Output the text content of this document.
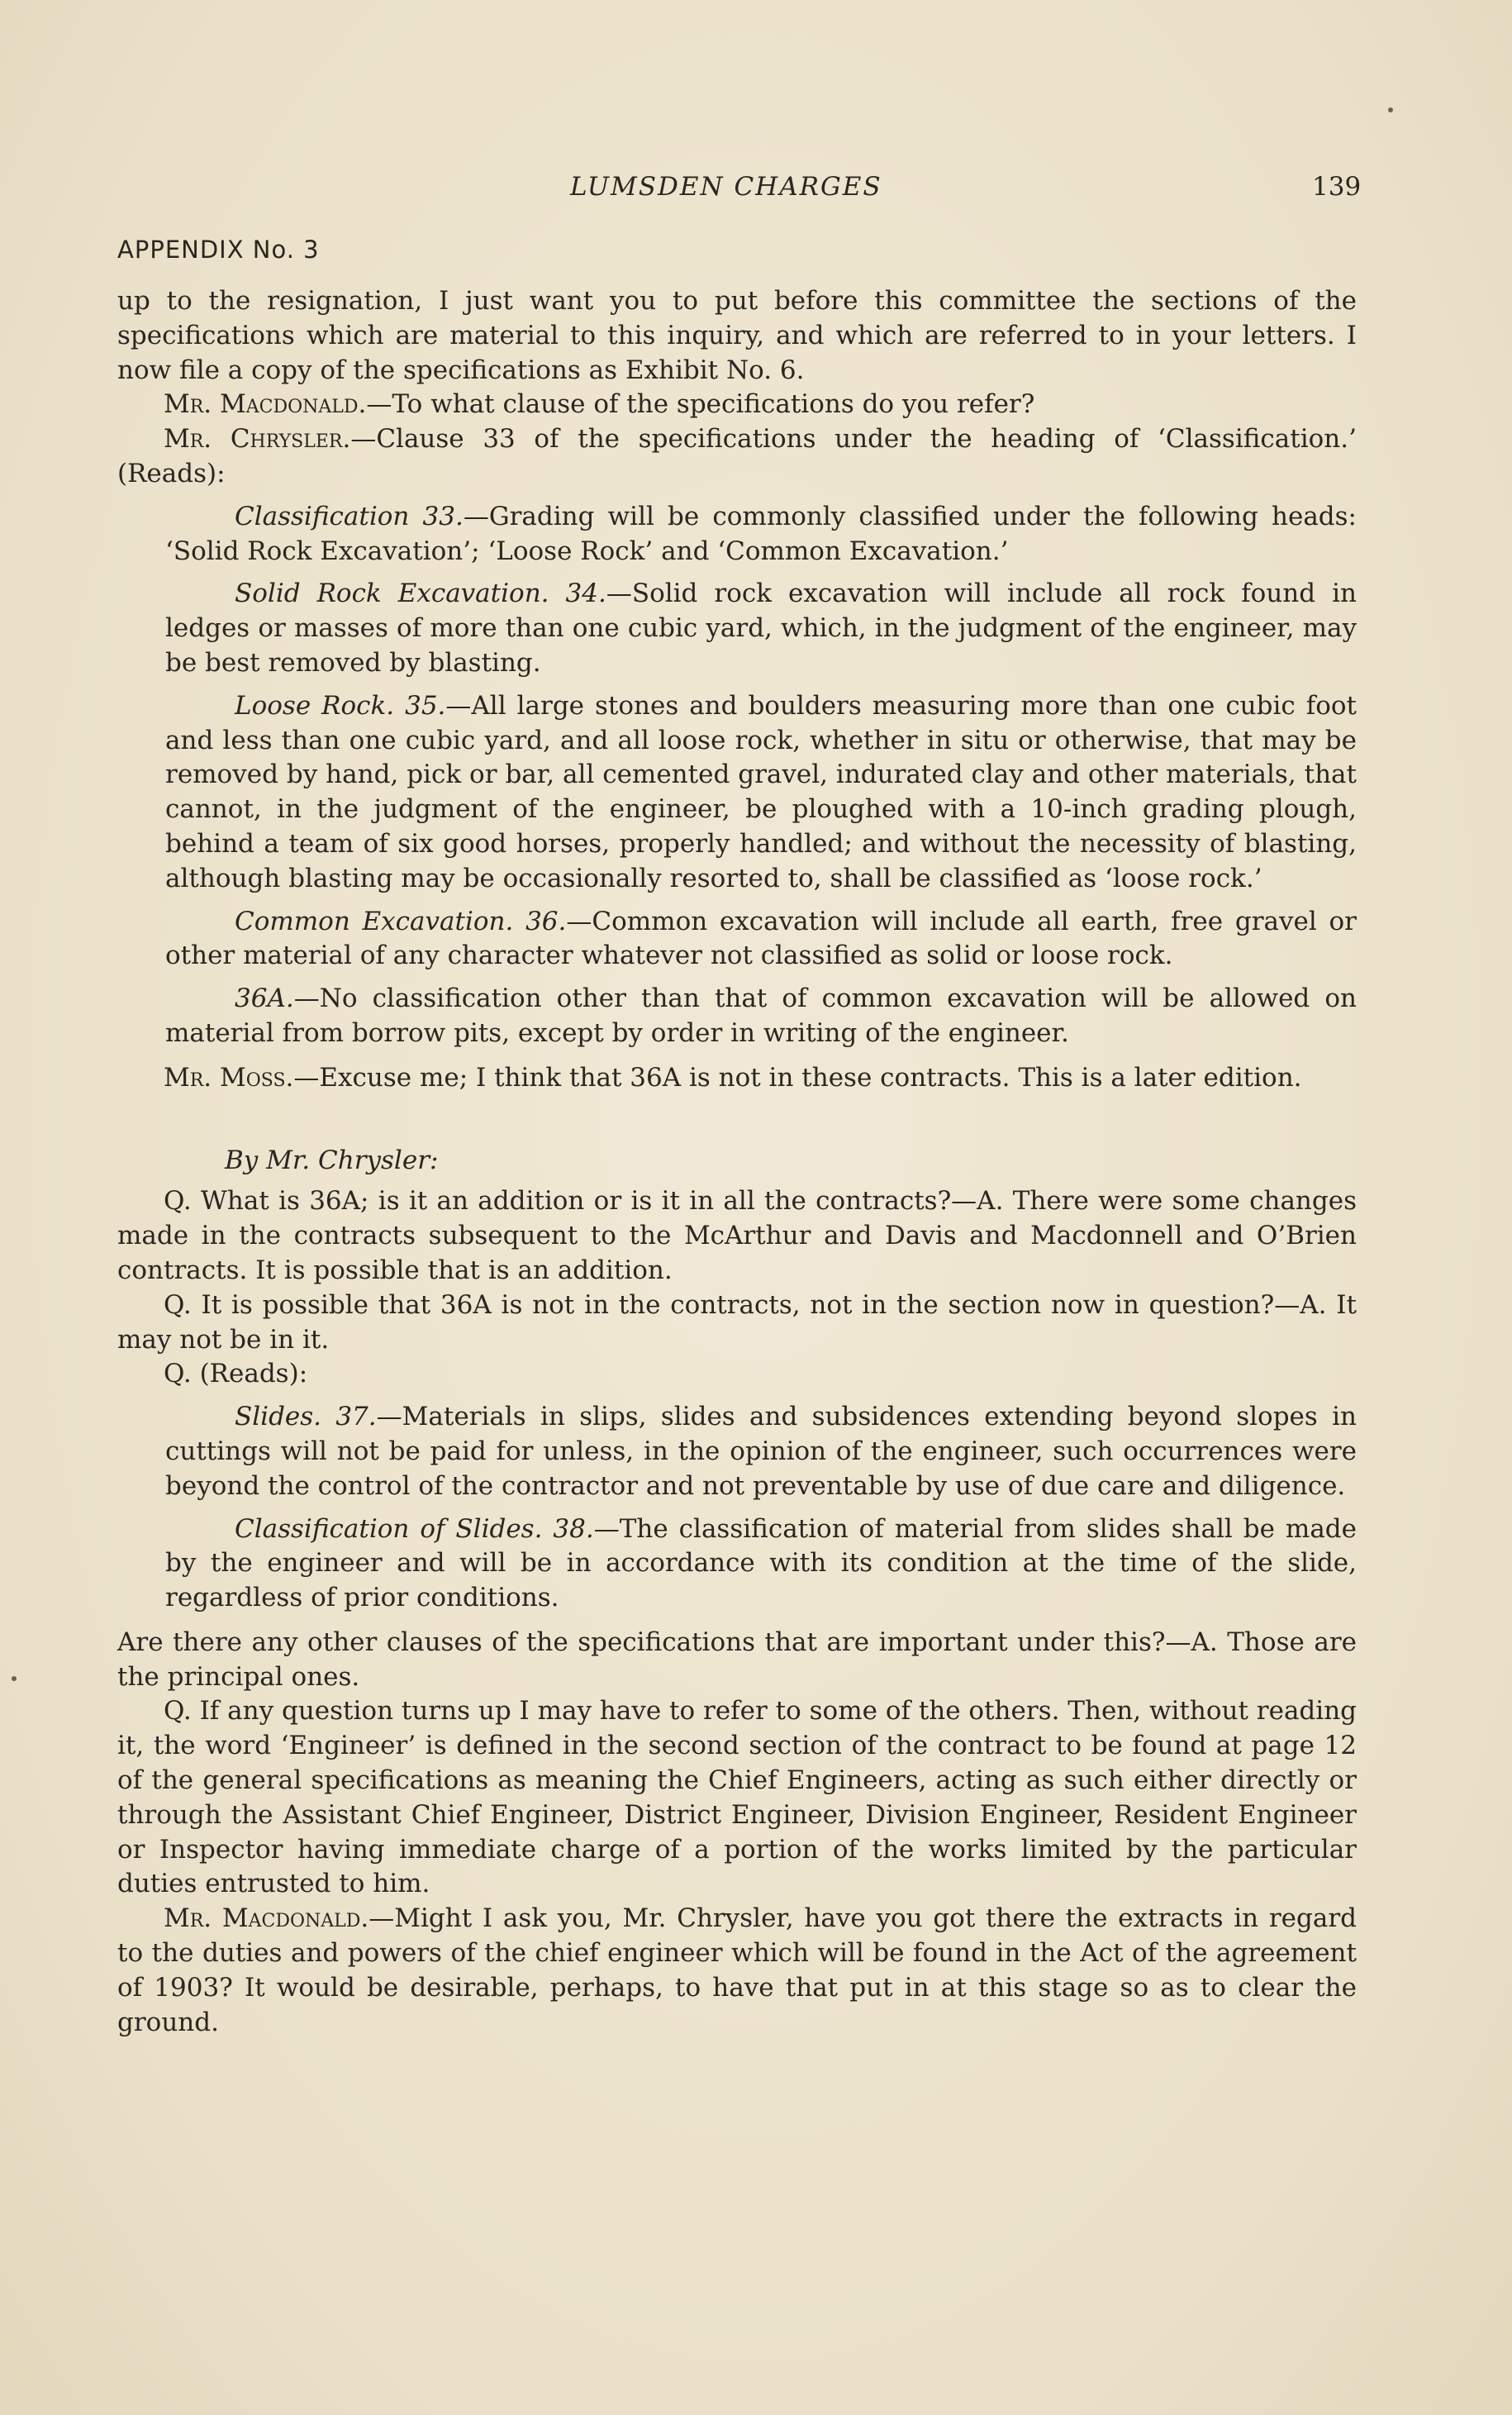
LUMSDEN CHARGES	139
APPENDIX No. 3

up to the resignation, I just want you to put before this committee the sections of the specifications which are material to this inquiry, and which are referred to in your letters. I now file a copy of the specifications as Exhibit No. 6.

Mr. Macdonald.—To what clause of the specifications do you refer?

Mr. Chrysler.—Clause 33 of the specifications under the heading of ‘Classification.’ (Reads):

Classification 33.—Grading will be commonly classified under the following heads: ‘Solid Rock Excavation’; ‘Loose Rock’ and ‘Common Excavation.’

Solid Rock Excavation. 34.—Solid rock excavation will include all rock found in ledges or masses of more than one cubic yard, which, in the judgment of the engineer, may be best removed by blasting.

Loose Rock. 35.—All large stones and boulders measuring more than one cubic foot and less than one cubic yard, and all loose rock, whether in situ or otherwise, that may be removed by hand, pick or bar, all cemented gravel, indurated clay and other materials, that cannot, in the judgment of the engineer, be ploughed with a 10-inch grading plough, behind a team of six good horses, properly handled; and without the necessity of blasting, although blasting may be occasionally resorted to, shall be classified as ‘loose rock.’

Common Excavation. 36.—Common excavation will include all earth, free gravel or other material of any character whatever not classified as solid or loose rock.

36A.—No classification other than that of common excavation will be allowed on material from borrow pits, except by order in writing of the engineer.

Mr. Moss.—Excuse me; I think that 36A is not in these contracts. This is a later edition.

By Mr. Chrysler:

Q. What is 36A; is it an addition or is it in all the contracts?—A. There were some changes made in the contracts subsequent to the McArthur and Davis and Macdonnell and O’Brien contracts. It is possible that is an addition.

Q. It is possible that 36A is not in the contracts, not in the section now in question?—A. It may not be in it.

Q. (Reads):

Slides. 37.—Materials in slips, slides and subsidences extending beyond slopes in cuttings will not be paid for unless, in the opinion of the engineer, such occurrences were beyond the control of the contractor and not preventable by use of due care and diligence.

Classification of Slides. 38.—The classification of material from slides shall be made by the engineer and will be in accordance with its condition at the time of the slide, regardless of prior conditions.

Are there any other clauses of the specifications that are important under this?—A. Those are the principal ones.

Q. If any question turns up I may have to refer to some of the others. Then, without reading it, the word ‘Engineer’ is defined in the second section of the contract to be found at page 12 of the general specifications as meaning the Chief Engineers, acting as such either directly or through the Assistant Chief Engineer, District Engineer, Division Engineer, Resident Engineer or Inspector having immediate charge of a portion of the works limited by the particular duties entrusted to him.

Mr. Macdonald.—Might I ask you, Mr. Chrysler, have you got there the extracts in regard to the duties and powers of the chief engineer which will be found in the Act of the agreement of 1903? It would be desirable, perhaps, to have that put in at this stage so as to clear the ground.
